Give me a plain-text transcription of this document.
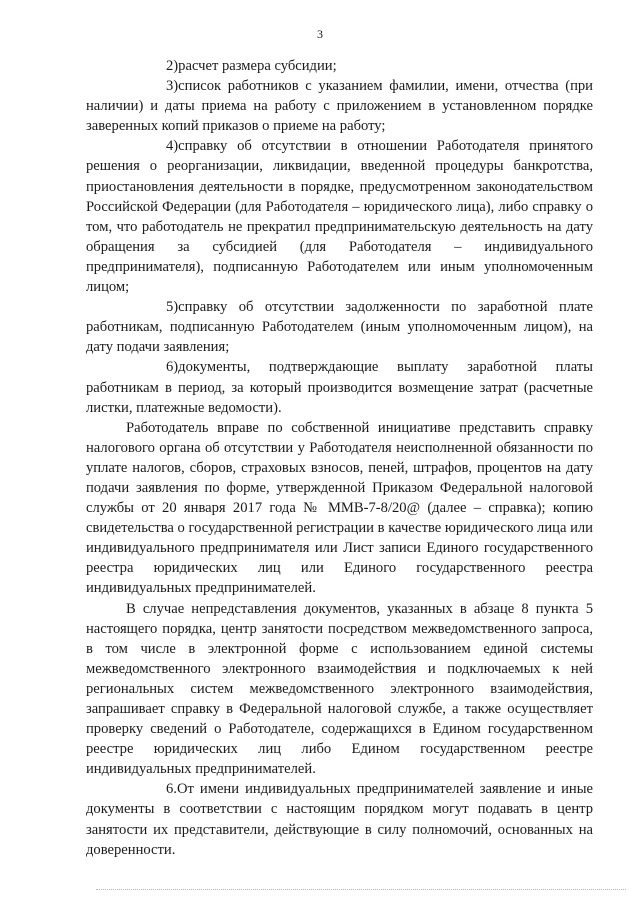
3

2)расчет размера субсидии;

3)список работников с указанием фамилии, имени, отчества (при наличии) и даты приема на работу с приложением в установленном порядке заверенных копий приказов о приеме на работу;

4)справку об отсутствии в отношении Работодателя принятого решения о реорганизации, ликвидации, введенной процедуры банкротства, приостановления деятельности в порядке, предусмотренном законодательством Российской Федерации (для Работодателя – юридического лица), либо справку о том, что работодатель не прекратил предпринимательскую деятельность на дату обращения за субсидией (для Работодателя – индивидуального предпринимателя), подписанную Работодателем или иным уполномоченным лицом;

5)справку об отсутствии задолженности по заработной плате работникам, подписанную Работодателем (иным уполномоченным лицом), на дату подачи заявления;

6)документы, подтверждающие выплату заработной платы работникам в период, за который производится возмещение затрат (расчетные листки, платежные ведомости).

Работодатель вправе по собственной инициативе представить справку налогового органа об отсутствии у Работодателя неисполненной обязанности по уплате налогов, сборов, страховых взносов, пеней, штрафов, процентов на дату подачи заявления по форме, утвержденной Приказом Федеральной налоговой службы от 20 января 2017 года № ММВ-7-8/20@ (далее – справка); копию свидетельства о государственной регистрации в качестве юридического лица или индивидуального предпринимателя или Лист записи Единого государственного реестра юридических лиц или Единого государственного реестра индивидуальных предпринимателей.

В случае непредставления документов, указанных в абзаце 8 пункта 5 настоящего порядка, центр занятости посредством межведомственного запроса, в том числе в электронной форме с использованием единой системы межведомственного электронного взаимодействия и подключаемых к ней региональных систем межведомственного электронного взаимодействия, запрашивает справку в Федеральной налоговой службе, а также осуществляет проверку сведений о Работодателе, содержащихся в Едином государственном реестре юридических лиц либо Едином государственном реестре индивидуальных предпринимателей.

6.От имени индивидуальных предпринимателей заявление и иные документы в соответствии с настоящим порядком могут подавать в центр занятости их представители, действующие в силу полномочий, основанных на доверенности.
